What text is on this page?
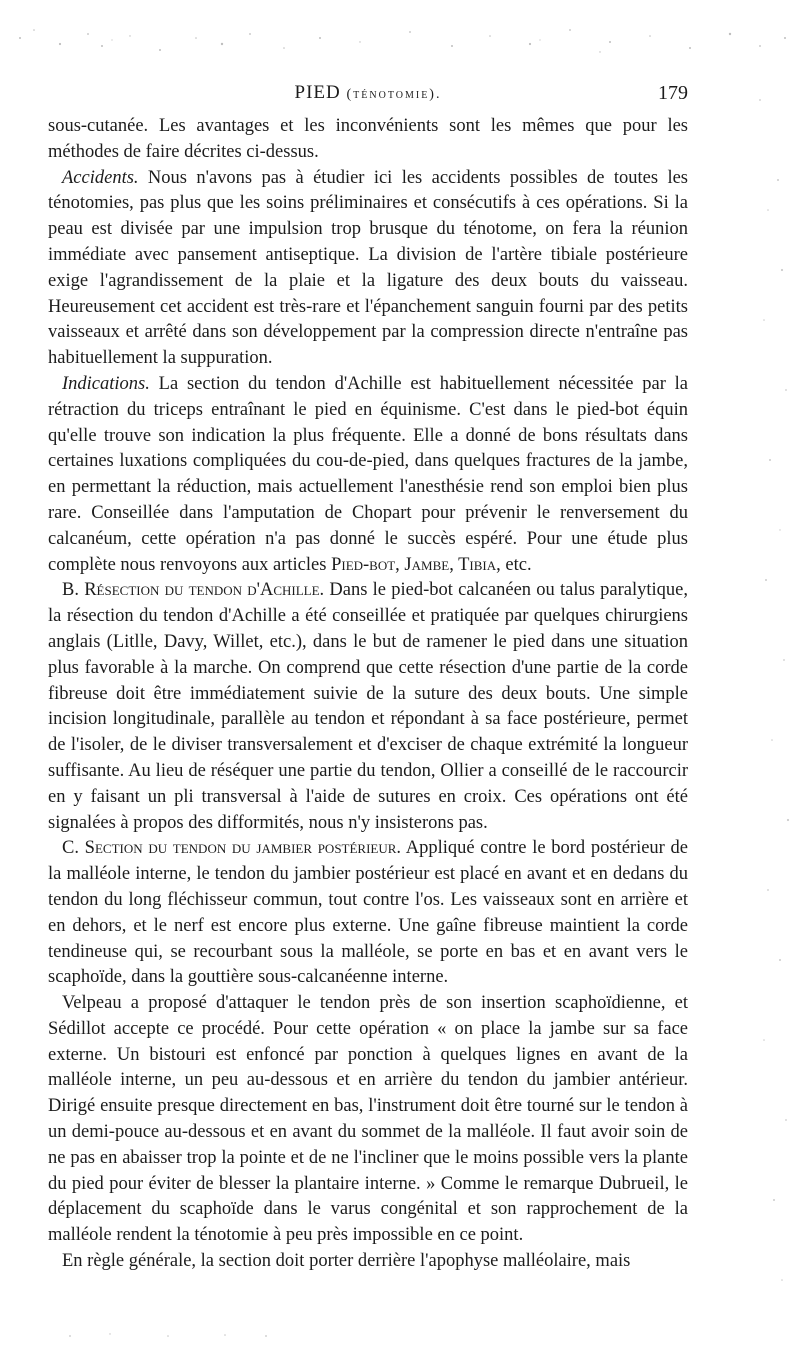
PIED (ténotomie).	179

sous-cutanée. Les avantages et les inconvénients sont les mêmes que pour les méthodes de faire décrites ci-dessus.

Accidents. Nous n'avons pas à étudier ici les accidents possibles de toutes les ténotomies, pas plus que les soins préliminaires et consécutifs à ces opérations. Si la peau est divisée par une impulsion trop brusque du ténotome, on fera la réunion immédiate avec pansement antiseptique. La division de l'artère tibiale postérieure exige l'agrandissement de la plaie et la ligature des deux bouts du vaisseau. Heureusement cet accident est très-rare et l'épanchement sanguin fourni par des petits vaisseaux et arrêté dans son développement par la compression directe n'entraîne pas habituellement la suppuration.

Indications. La section du tendon d'Achille est habituellement nécessitée par la rétraction du triceps entraînant le pied en équinisme. C'est dans le pied-bot équin qu'elle trouve son indication la plus fréquente. Elle a donné de bons résultats dans certaines luxations compliquées du cou-de-pied, dans quelques fractures de la jambe, en permettant la réduction, mais actuellement l'anesthésie rend son emploi bien plus rare. Conseillée dans l'amputation de Chopart pour prévenir le renversement du calcanéum, cette opération n'a pas donné le succès espéré. Pour une étude plus complète nous renvoyons aux articles Pied-bot, Jambe, Tibia, etc.

B. Résection du tendon d'Achille. Dans le pied-bot calcanéen ou talus paralytique, la résection du tendon d'Achille a été conseillée et pratiquée par quelques chirurgiens anglais (Litlle, Davy, Willet, etc.), dans le but de ramener le pied dans une situation plus favorable à la marche. On comprend que cette résection d'une partie de la corde fibreuse doit être immédiatement suivie de la suture des deux bouts. Une simple incision longitudinale, parallèle au tendon et répondant à sa face postérieure, permet de l'isoler, de le diviser transversalement et d'exciser de chaque extrémité la longueur suffisante. Au lieu de réséquer une partie du tendon, Ollier a conseillé de le raccourcir en y faisant un pli transversal à l'aide de sutures en croix. Ces opérations ont été signalées à propos des difformités, nous n'y insisterons pas.

C. Section du tendon du jambier postérieur. Appliqué contre le bord postérieur de la malléole interne, le tendon du jambier postérieur est placé en avant et en dedans du tendon du long fléchisseur commun, tout contre l'os. Les vaisseaux sont en arrière et en dehors, et le nerf est encore plus externe. Une gaîne fibreuse maintient la corde tendineuse qui, se recourbant sous la malléole, se porte en bas et en avant vers le scaphoïde, dans la gouttière sous-calcanéenne interne.

Velpeau a proposé d'attaquer le tendon près de son insertion scaphoïdienne, et Sédillot accepte ce procédé. Pour cette opération « on place la jambe sur sa face externe. Un bistouri est enfoncé par ponction à quelques lignes en avant de la malléole interne, un peu au-dessous et en arrière du tendon du jambier antérieur. Dirigé ensuite presque directement en bas, l'instrument doit être tourné sur le tendon à un demi-pouce au-dessous et en avant du sommet de la malléole. Il faut avoir soin de ne pas en abaisser trop la pointe et de ne l'incliner que le moins possible vers la plante du pied pour éviter de blesser la plantaire interne. » Comme le remarque Dubrueil, le déplacement du scaphoïde dans le varus congénital et son rapprochement de la malléole rendent la ténotomie à peu près impossible en ce point.

En règle générale, la section doit porter derrière l'apophyse malléolaire, mais
